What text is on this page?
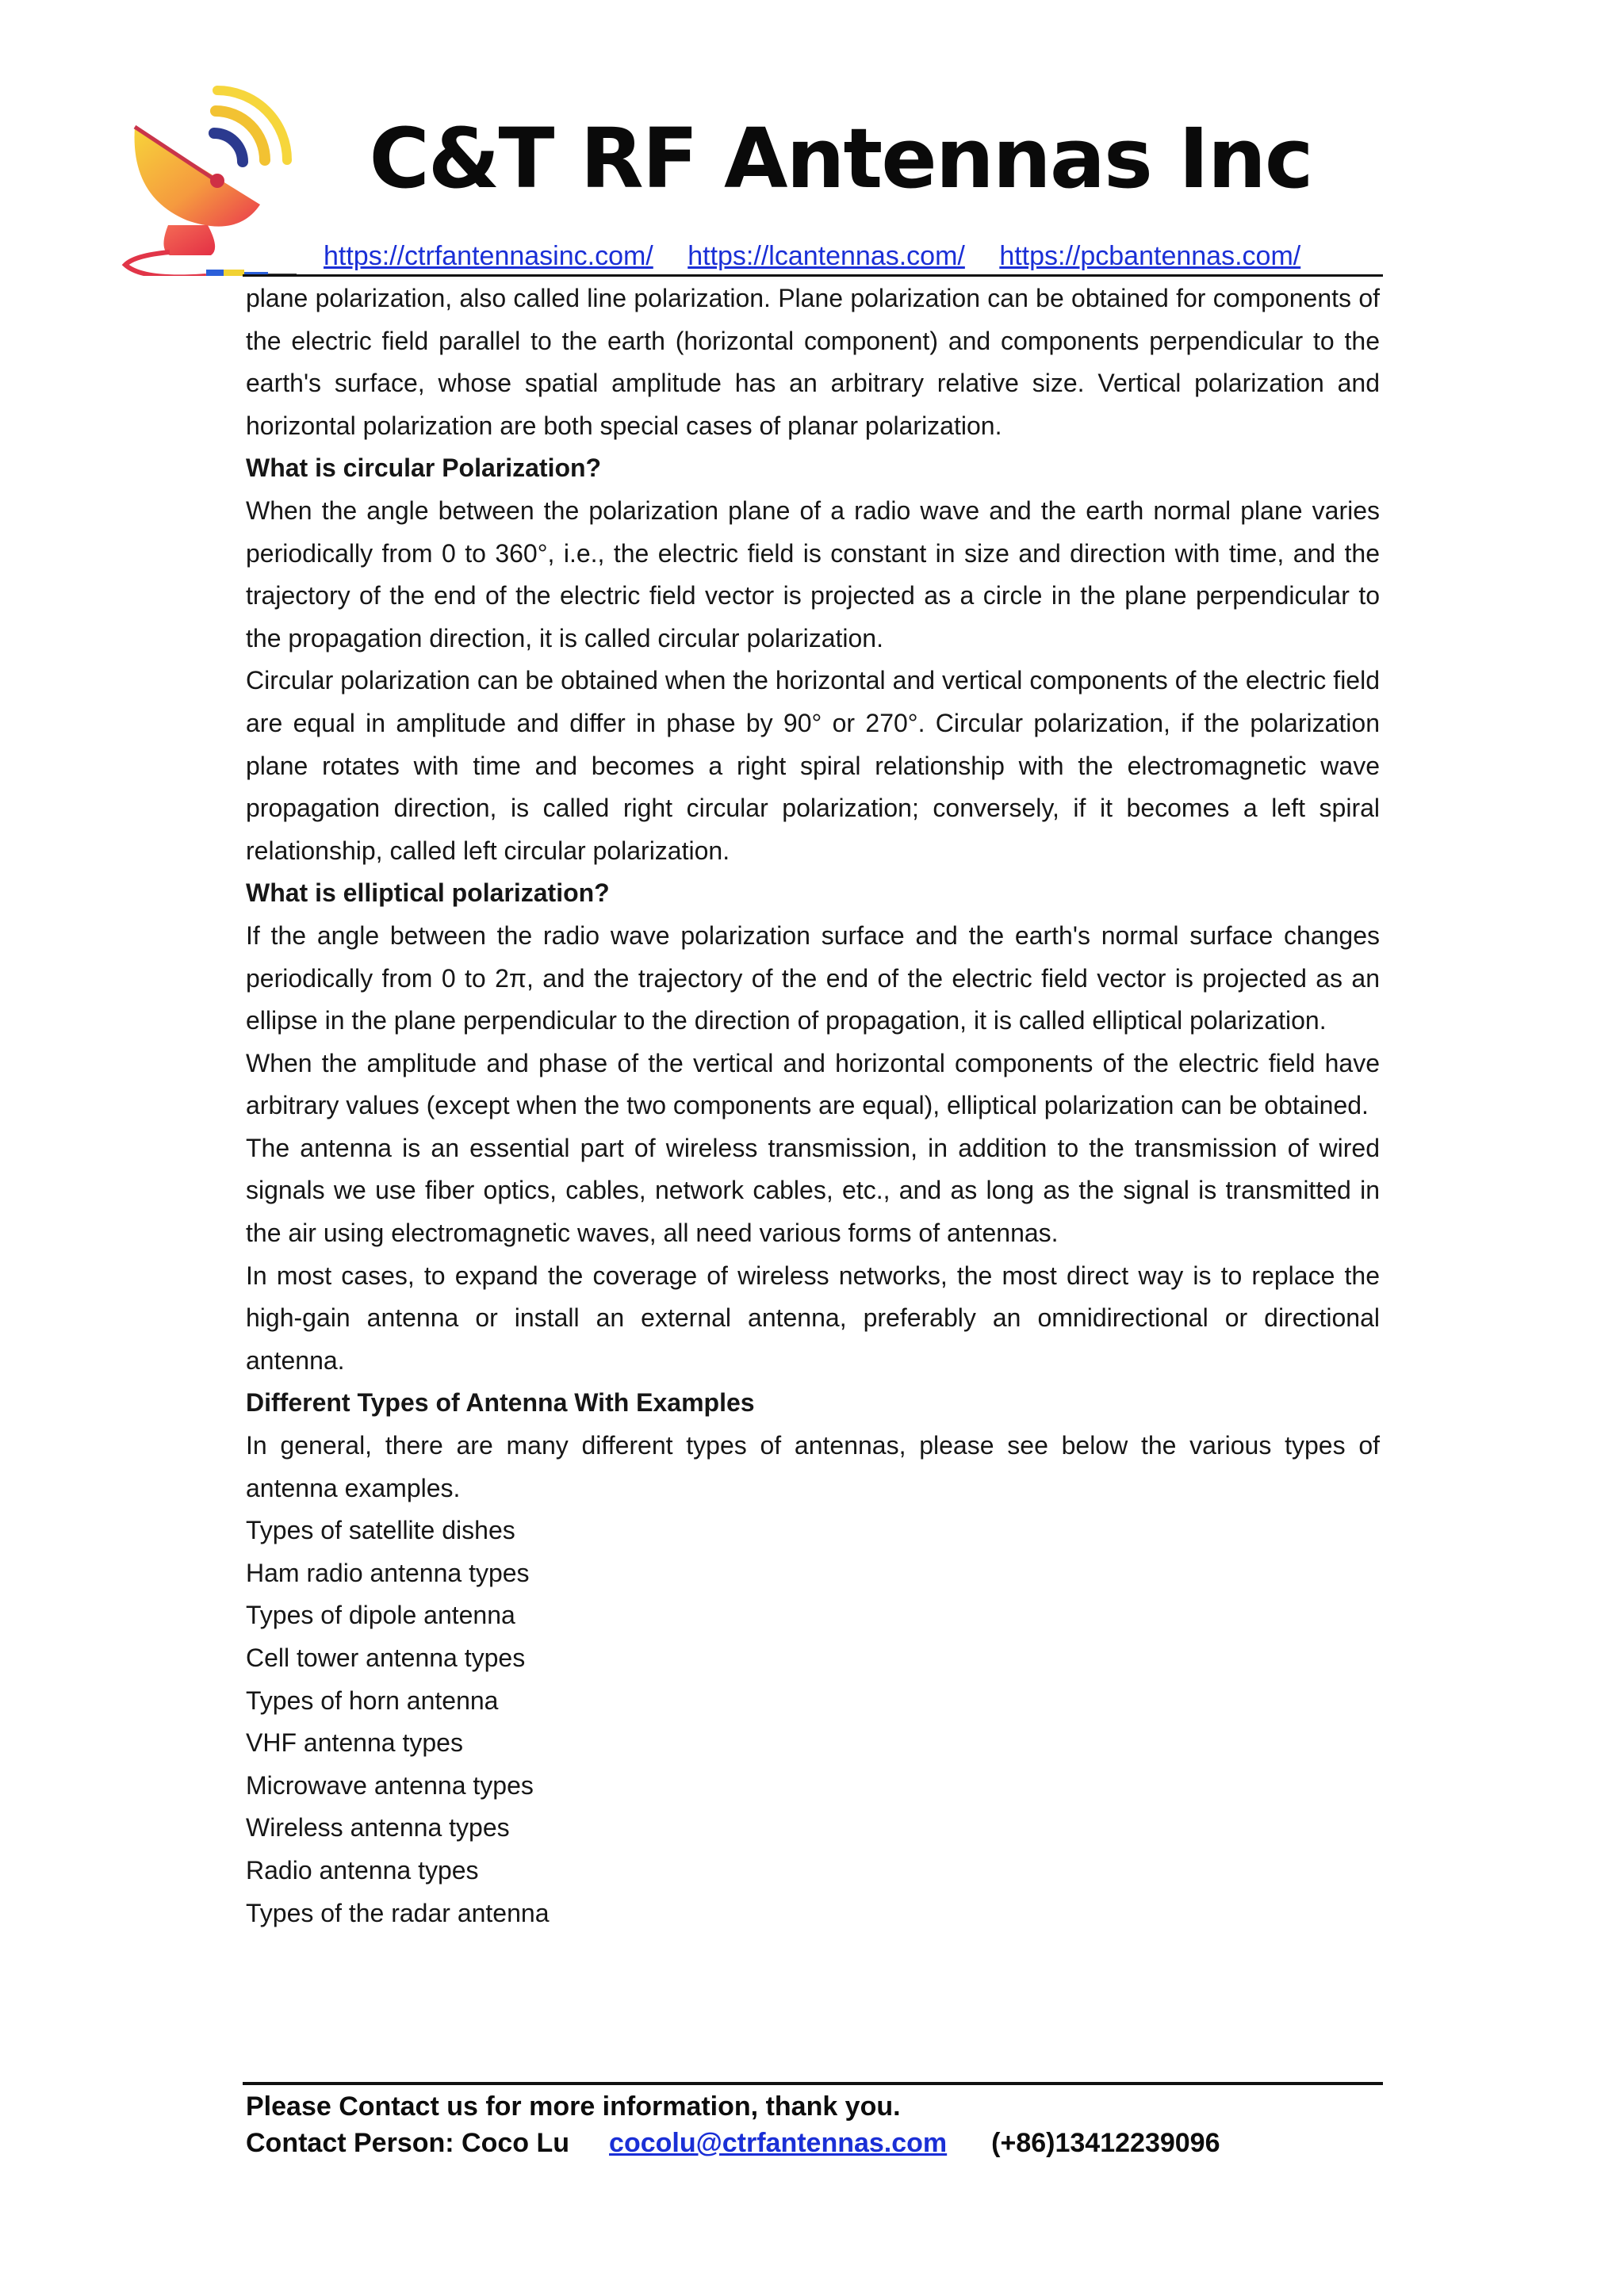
C&T RF Antennas Inc
https://ctrfantennasinc.com/ https://lcantennas.com/ https://pcbantennas.com/

plane polarization, also called line polarization. Plane polarization can be obtained for components of the electric field parallel to the earth (horizontal component) and components perpendicular to the earth's surface, whose spatial amplitude has an arbitrary relative size. Vertical polarization and horizontal polarization are both special cases of planar polarization.

What is circular Polarization?

When the angle between the polarization plane of a radio wave and the earth normal plane varies periodically from 0 to 360°, i.e., the electric field is constant in size and direction with time, and the trajectory of the end of the electric field vector is projected as a circle in the plane perpendicular to the propagation direction, it is called circular polarization.

Circular polarization can be obtained when the horizontal and vertical components of the electric field are equal in amplitude and differ in phase by 90° or 270°. Circular polarization, if the polarization plane rotates with time and becomes a right spiral relationship with the electromagnetic wave propagation direction, is called right circular polarization; conversely, if it becomes a left spiral relationship, called left circular polarization.

What is elliptical polarization?

If the angle between the radio wave polarization surface and the earth's normal surface changes periodically from 0 to 2π, and the trajectory of the end of the electric field vector is projected as an ellipse in the plane perpendicular to the direction of propagation, it is called elliptical polarization.

When the amplitude and phase of the vertical and horizontal components of the electric field have arbitrary values (except when the two components are equal), elliptical polarization can be obtained.

The antenna is an essential part of wireless transmission, in addition to the transmission of wired signals we use fiber optics, cables, network cables, etc., and as long as the signal is transmitted in the air using electromagnetic waves, all need various forms of antennas.

In most cases, to expand the coverage of wireless networks, the most direct way is to replace the high-gain antenna or install an external antenna, preferably an omnidirectional or directional antenna.

Different Types of Antenna With Examples

In general, there are many different types of antennas, please see below the various types of antenna examples.

Types of satellite dishes
Ham radio antenna types
Types of dipole antenna
Cell tower antenna types
Types of horn antenna
VHF antenna types
Microwave antenna types
Wireless antenna types
Radio antenna types
Types of the radar antenna
Please Contact us for more information, thank you.
Contact Person: Coco Lu cocolu@ctrfantennas.com (+86)13412239096
